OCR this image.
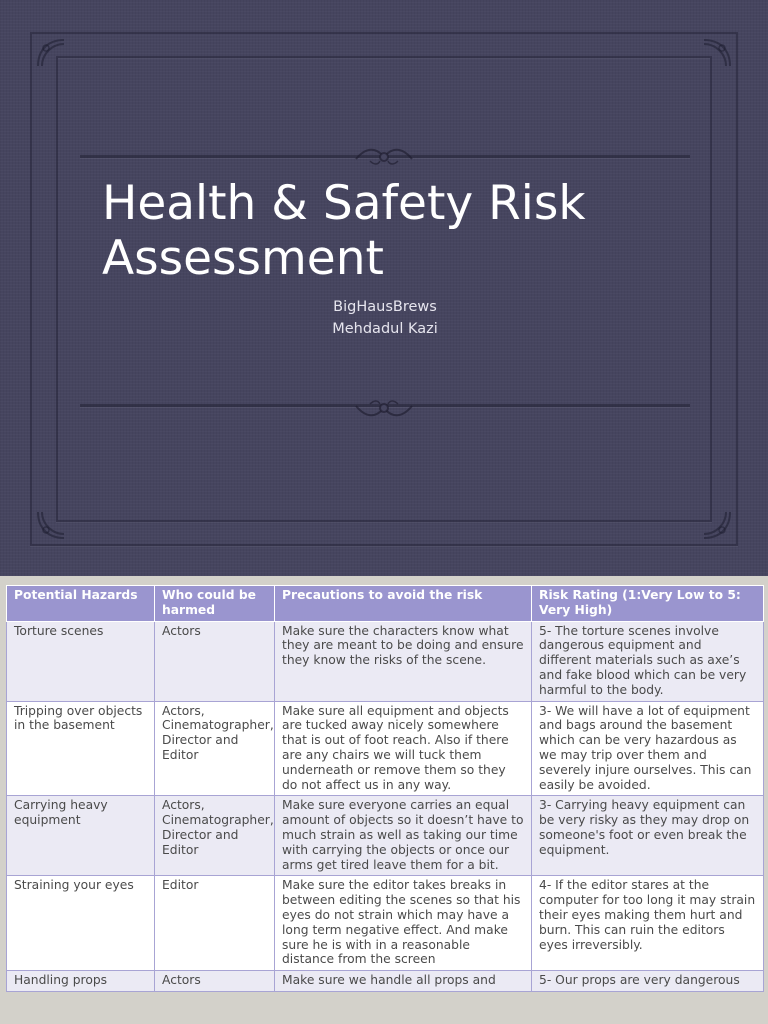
Health & Safety Risk Assessment
BigHausBrews
Mehdadul Kazi
Potential Hazards	Who could be harmed	Precautions to avoid the risk	Risk Rating (1:Very Low to 5: Very High)
Torture scenes	Actors	Make sure the characters know what they are meant to be doing and ensure they know the risks of the scene.	5- The torture scenes involve dangerous equipment and different materials such as axe’s and fake blood which can be very harmful to the body.
Tripping over objects in the basement	Actors, Cinematographer, Director and Editor	Make sure all equipment and objects are tucked away nicely somewhere that is out of foot reach. Also if there are any chairs we will tuck them underneath or remove them so they do not affect us in any way.	3- We will have a lot of equipment and bags around the basement which can be very hazardous as we may trip over them and severely injure ourselves. This can easily be avoided.
Carrying heavy equipment	Actors, Cinematographer, Director and Editor	Make sure everyone carries an equal amount of objects so it doesn’t have to much strain as well as taking our time with carrying the objects or once our arms get tired leave them for a bit.	3- Carrying heavy equipment can be very risky as they may drop on someone's foot or even break the equipment.
Straining your eyes	Editor	Make sure the editor takes breaks in between editing the scenes so that his eyes do not strain which may have a long term negative effect. And make sure he is with in a reasonable distance from the screen	4- If the editor stares at the computer for too long it may strain their eyes making them hurt and burn. This can ruin the editors eyes irreversibly.
Handling props	Actors	Make sure we handle all props and	5- Our props are very dangerous
